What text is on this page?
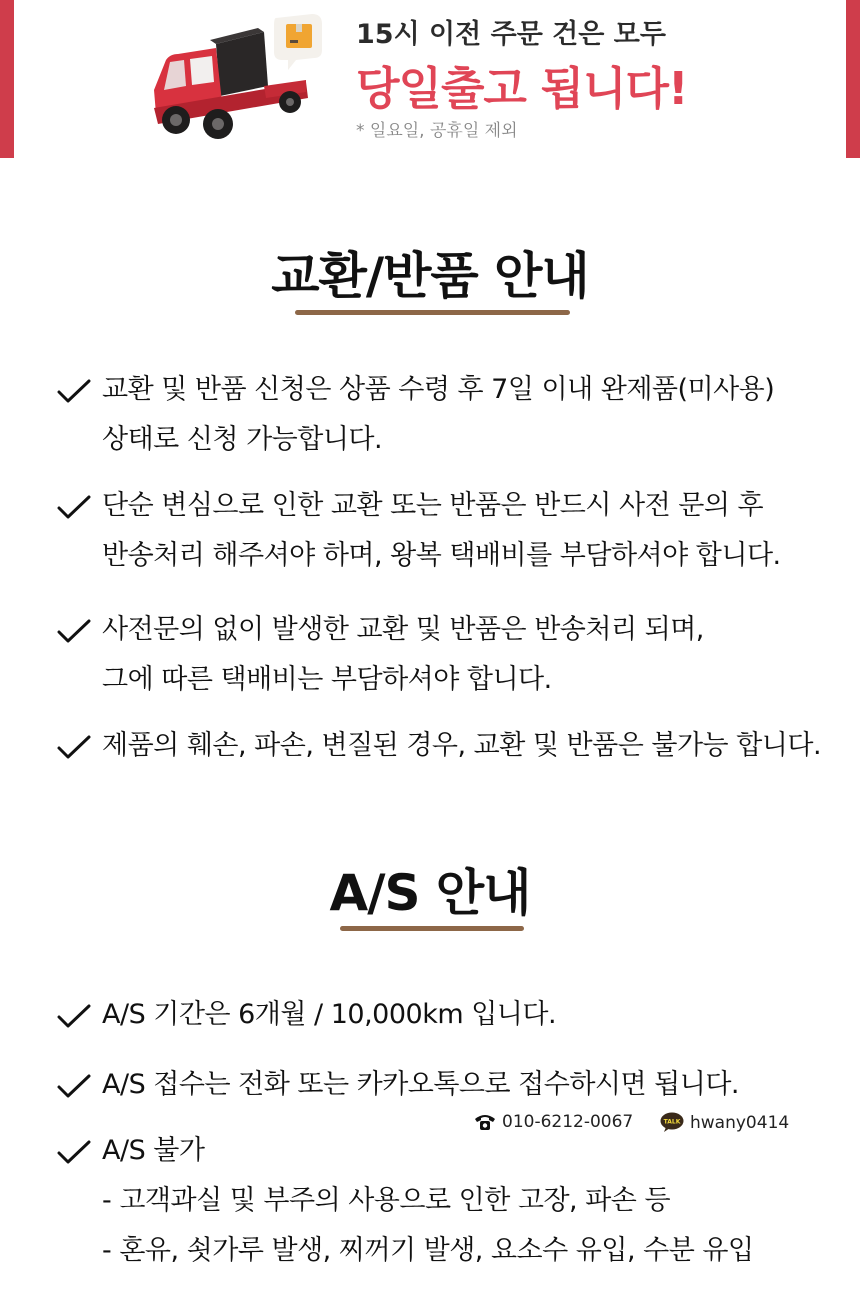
15시 이전 주문 건은 모두
당일출고 됩니다!
* 일요일, 공휴일 제외
교환/반품 안내
교환 및 반품 신청은 상품 수령 후 7일 이내 완제품(미사용)
상태로 신청 가능합니다.
단순 변심으로 인한 교환 또는 반품은 반드시 사전 문의 후
반송처리 해주셔야 하며, 왕복 택배비를 부담하셔야 합니다.
사전문의 없이 발생한 교환 및 반품은 반송처리 되며,
그에 따른 택배비는 부담하셔야 합니다.
제품의 훼손, 파손, 변질된 경우, 교환 및 반품은 불가능 합니다.
A/S 안내
A/S 기간은 6개월 / 10,000km 입니다.
A/S 접수는 전화 또는 카카오톡으로 접수하시면 됩니다.
010-6212-0067	TALK hwany0414
A/S 불가
- 고객과실 및 부주의 사용으로 인한 고장, 파손 등
- 혼유, 쇳가루 발생, 찌꺼기 발생, 요소수 유입, 수분 유입
